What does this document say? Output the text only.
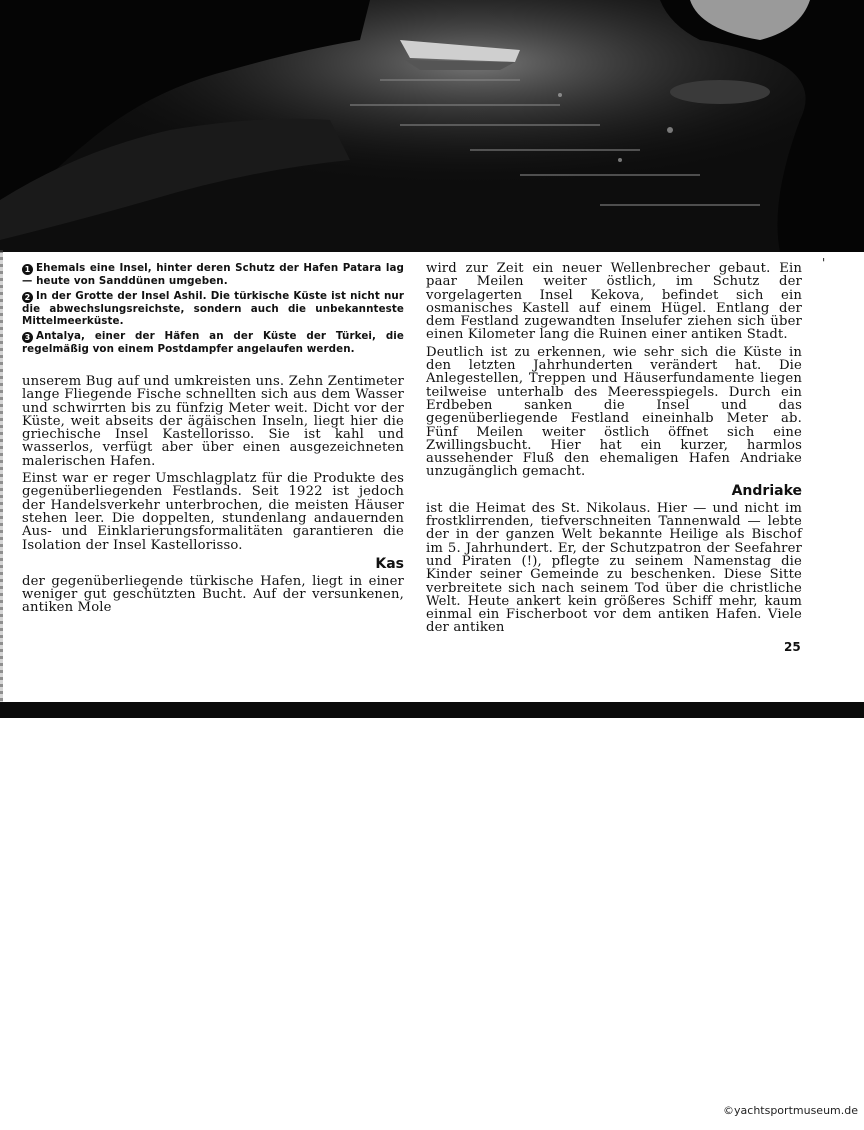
1 Ehemals eine Insel, hinter deren Schutz der Hafen Patara lag — heute von Sanddünen umgeben.

2 In der Grotte der Insel Ashil. Die türkische Küste ist nicht nur die abwechslungsreichste, sondern auch die unbekannteste Mittelmeerküste.

3 Antalya, einer der Häfen an der Küste der Türkei, die regelmäßig von einem Postdampfer angelaufen werden.

unserem Bug auf und umkreisten uns. Zehn Zentimeter lange Fliegende Fische schnellten sich aus dem Wasser und schwirrten bis zu fünfzig Meter weit. Dicht vor der Küste, weit abseits der ägäischen Inseln, liegt hier die griechische Insel Kastellorisso. Sie ist kahl und wasserlos, verfügt aber über einen ausgezeichneten malerischen Hafen.

Einst war er reger Umschlagplatz für die Produkte des gegenüberliegenden Festlands. Seit 1922 ist jedoch der Handelsverkehr unterbrochen, die meisten Häuser stehen leer. Die doppelten, stundenlang andauernden Aus- und Einklarierungsformalitäten garantieren die Isolation der Insel Kastellorisso.

Kas

der gegenüberliegende türkische Hafen, liegt in einer weniger gut geschützten Bucht. Auf der versunkenen, antiken Mole

wird zur Zeit ein neuer Wellenbrecher gebaut. Ein paar Meilen weiter östlich, im Schutz der vorgelagerten Insel Kekova, befindet sich ein osmanisches Kastell auf einem Hügel. Entlang der dem Festland zugewandten Inselufer ziehen sich über einen Kilometer lang die Ruinen einer antiken Stadt.

Deutlich ist zu erkennen, wie sehr sich die Küste in den letzten Jahrhunderten verändert hat. Die Anlegestellen, Treppen und Häuserfundamente liegen teilweise unterhalb des Meeresspiegels. Durch ein Erdbeben sanken die Insel und das gegenüberliegende Festland eineinhalb Meter ab. Fünf Meilen weiter östlich öffnet sich eine Zwillingsbucht. Hier hat ein kurzer, harmlos aussehender Fluß den ehemaligen Hafen Andriake unzugänglich gemacht.

Andriake

ist die Heimat des St. Nikolaus. Hier — und nicht im frostklirrenden, tiefverschneiten Tannenwald — lebte der in der ganzen Welt bekannte Heilige als Bischof im 5. Jahrhundert. Er, der Schutzpatron der Seefahrer und Piraten (!), pflegte zu seinem Namenstag die Kinder seiner Gemeinde zu beschenken. Diese Sitte verbreitete sich nach seinem Tod über die christliche Welt. Heute ankert kein größeres Schiff mehr, kaum einmal ein Fischerboot vor dem antiken Hafen. Viele der antiken

'
25
©yachtsportmuseum.de
